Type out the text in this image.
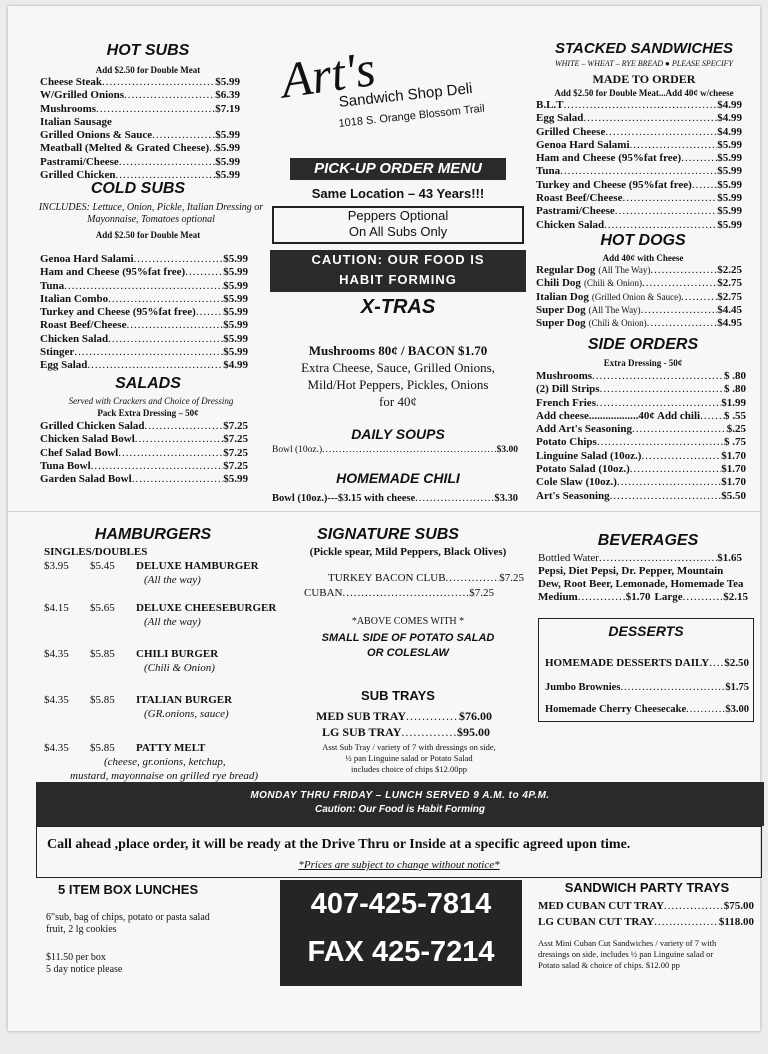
HOT SUBS
Add $2.50 for Double Meat
Cheese Steak .....	$5.99
W/Grilled Onions .....	$6.39
Mushrooms .....	$7.19
Italian Sausage
Grilled Onions & Sauce .....	$5.99
Meatball (Melted & Grated Cheese) ..... $5.99
Pastrami/Cheese .....	$5.99
Grilled Chicken .....	$5.99
COLD SUBS
INCLUDES: Lettuce, Onion, Pickle, Italian Dressing or Mayonnaise, Tomatoes optional
Add $2.50 for Double Meat
Genoa Hard Salami .....	$5.99
Ham and Cheese (95%fat free) .....	$5.99
Tuna .....	$5.99
Italian Combo .....	$5.99
Turkey and Cheese (95%fat free) ..... $5.99
Roast Beef/Cheese .....	$5.99
Chicken Salad .....	$5.99
Stinger .....	$5.99
Egg Salad .....	$4.99
SALADS
Served with Crackers and Choice of Dressing
Pack Extra Dressing – 50¢
Grilled Chicken Salad .....	$7.25
Chicken Salad Bowl .....	$7.25
Chef Salad Bowl .....	$7.25
Tuna Bowl .....	$7.25
Garden Salad Bowl .....	$5.99
Art's
Sandwich Shop Deli
1018 S. Orange Blossom Trail
PICK-UP ORDER MENU
Same Location – 43 Years!!!
Peppers Optional
On All Subs Only
CAUTION: OUR FOOD IS
HABIT FORMING
X-TRAS
Mushrooms 80¢ / BACON $1.70
Extra Cheese, Sauce, Grilled Onions,
Mild/Hot Peppers, Pickles, Onions
for 40¢
DAILY SOUPS
Bowl (10oz.) .....	$3.00
HOMEMADE CHILI
Bowl (10oz.)---$3.15 with cheese .....	$3.30
STACKED SANDWICHES
WHITE – WHEAT – RYE BREAD ● PLEASE SPECIFY
MADE TO ORDER
Add $2.50 for Double Meat...Add 40¢ w/cheese
B.L.T .....	$4.99
Egg Salad .....	$4.99
Grilled Cheese .....	$4.99
Genoa Hard Salami .....	$5.99
Ham and Cheese (95%fat free) .....	$5.99
Tuna .....	$5.99
Turkey and Cheese (95%fat free) ..... $5.99
Roast Beef/Cheese .....	$5.99
Pastrami/Cheese .....	$5.99
Chicken Salad .....	$5.99
HOT DOGS
Add 40¢ with Cheese
Regular Dog (All The Way) .....	$2.25
Chili Dog (Chili & Onion) .....	$2.75
Italian Dog (Grilled Onion & Sauce) .....	$2.75
Super Dog (All The Way) .....	$4.45
Super Dog (Chili & Onion) .....	$4.95
SIDE ORDERS
Extra Dressing - 50¢
Mushrooms .....	$ .80
(2) Dill Strips .....	$ .80
French Fries .....	$1.99
Add cheese..................40¢ Add chili ..... $ .55
Add Art's Seasoning .....	$.25
Potato Chips .....	$ .75
Linguine Salad (10oz.) .....	$1.70
Potato Salad (10oz.) .....	$1.70
Cole Slaw (10oz.) .....	$1.70
Art's Seasoning .....	$5.50
HAMBURGERS
SINGLES/DOUBLES
$3.95 $5.45 DELUXE HAMBURGER
(All the way)
$4.15 $5.65 DELUXE CHEESEBURGER
(All the way)
$4.35 $5.85 CHILI BURGER
(Chili & Onion)
$4.35 $5.85 ITALIAN BURGER
(GR.onions, sauce)
$4.35 $5.85 PATTY MELT
(cheese, gr.onions, ketchup,
mustard, mayonnaise on grilled rye bread)
SIGNATURE SUBS
(Pickle spear, Mild Peppers, Black Olives)
TURKEY BACON CLUB .....	$7.25
CUBAN .....	$7.25
*ABOVE COMES WITH *
SMALL SIDE OF POTATO SALAD
OR COLESLAW
SUB TRAYS
MED SUB TRAY .....	$76.00
LG SUB TRAY .....	$95.00
Asst Sub Tray / variety of 7 with dressings on side,
½ pan Linguine salad or Potato Salad
includes choice of chips $12.00pp
BEVERAGES
Bottled Water .....	$1.65
Pepsi, Diet Pepsi, Dr. Pepper, Mountain
Dew, Root Beer, Lemonade, Homemade Tea
Medium .....	$1.70 Large .....	$2.15
DESSERTS
HOMEMADE DESSERTS DAILY ..... $2.50
Jumbo Brownies .....	$1.75
Homemade Cherry Cheesecake .....	$3.00
MONDAY THRU FRIDAY – LUNCH SERVED 9 A.M. to 4P.M.
Caution: Our Food is Habit Forming
Call ahead ,place order, it will be ready at the Drive Thru or Inside at a specific agreed upon time.
*Prices are subject to change without notice*
5 ITEM BOX LUNCHES
6"sub, bag of chips, potato or pasta salad
fruit, 2 lg cookies
$11.50 per box
5 day notice please
407-425-7814
FAX 425-7214
SANDWICH PARTY TRAYS
MED CUBAN CUT TRAY .....	$75.00
LG CUBAN CUT TRAY .....	$118.00
Asst Mini Cuban Cut Sandwiches / variety of 7 with
dressings on side, includes ½ pan Linguine salad or
Potato salad & choice of chips. $12.00 pp
